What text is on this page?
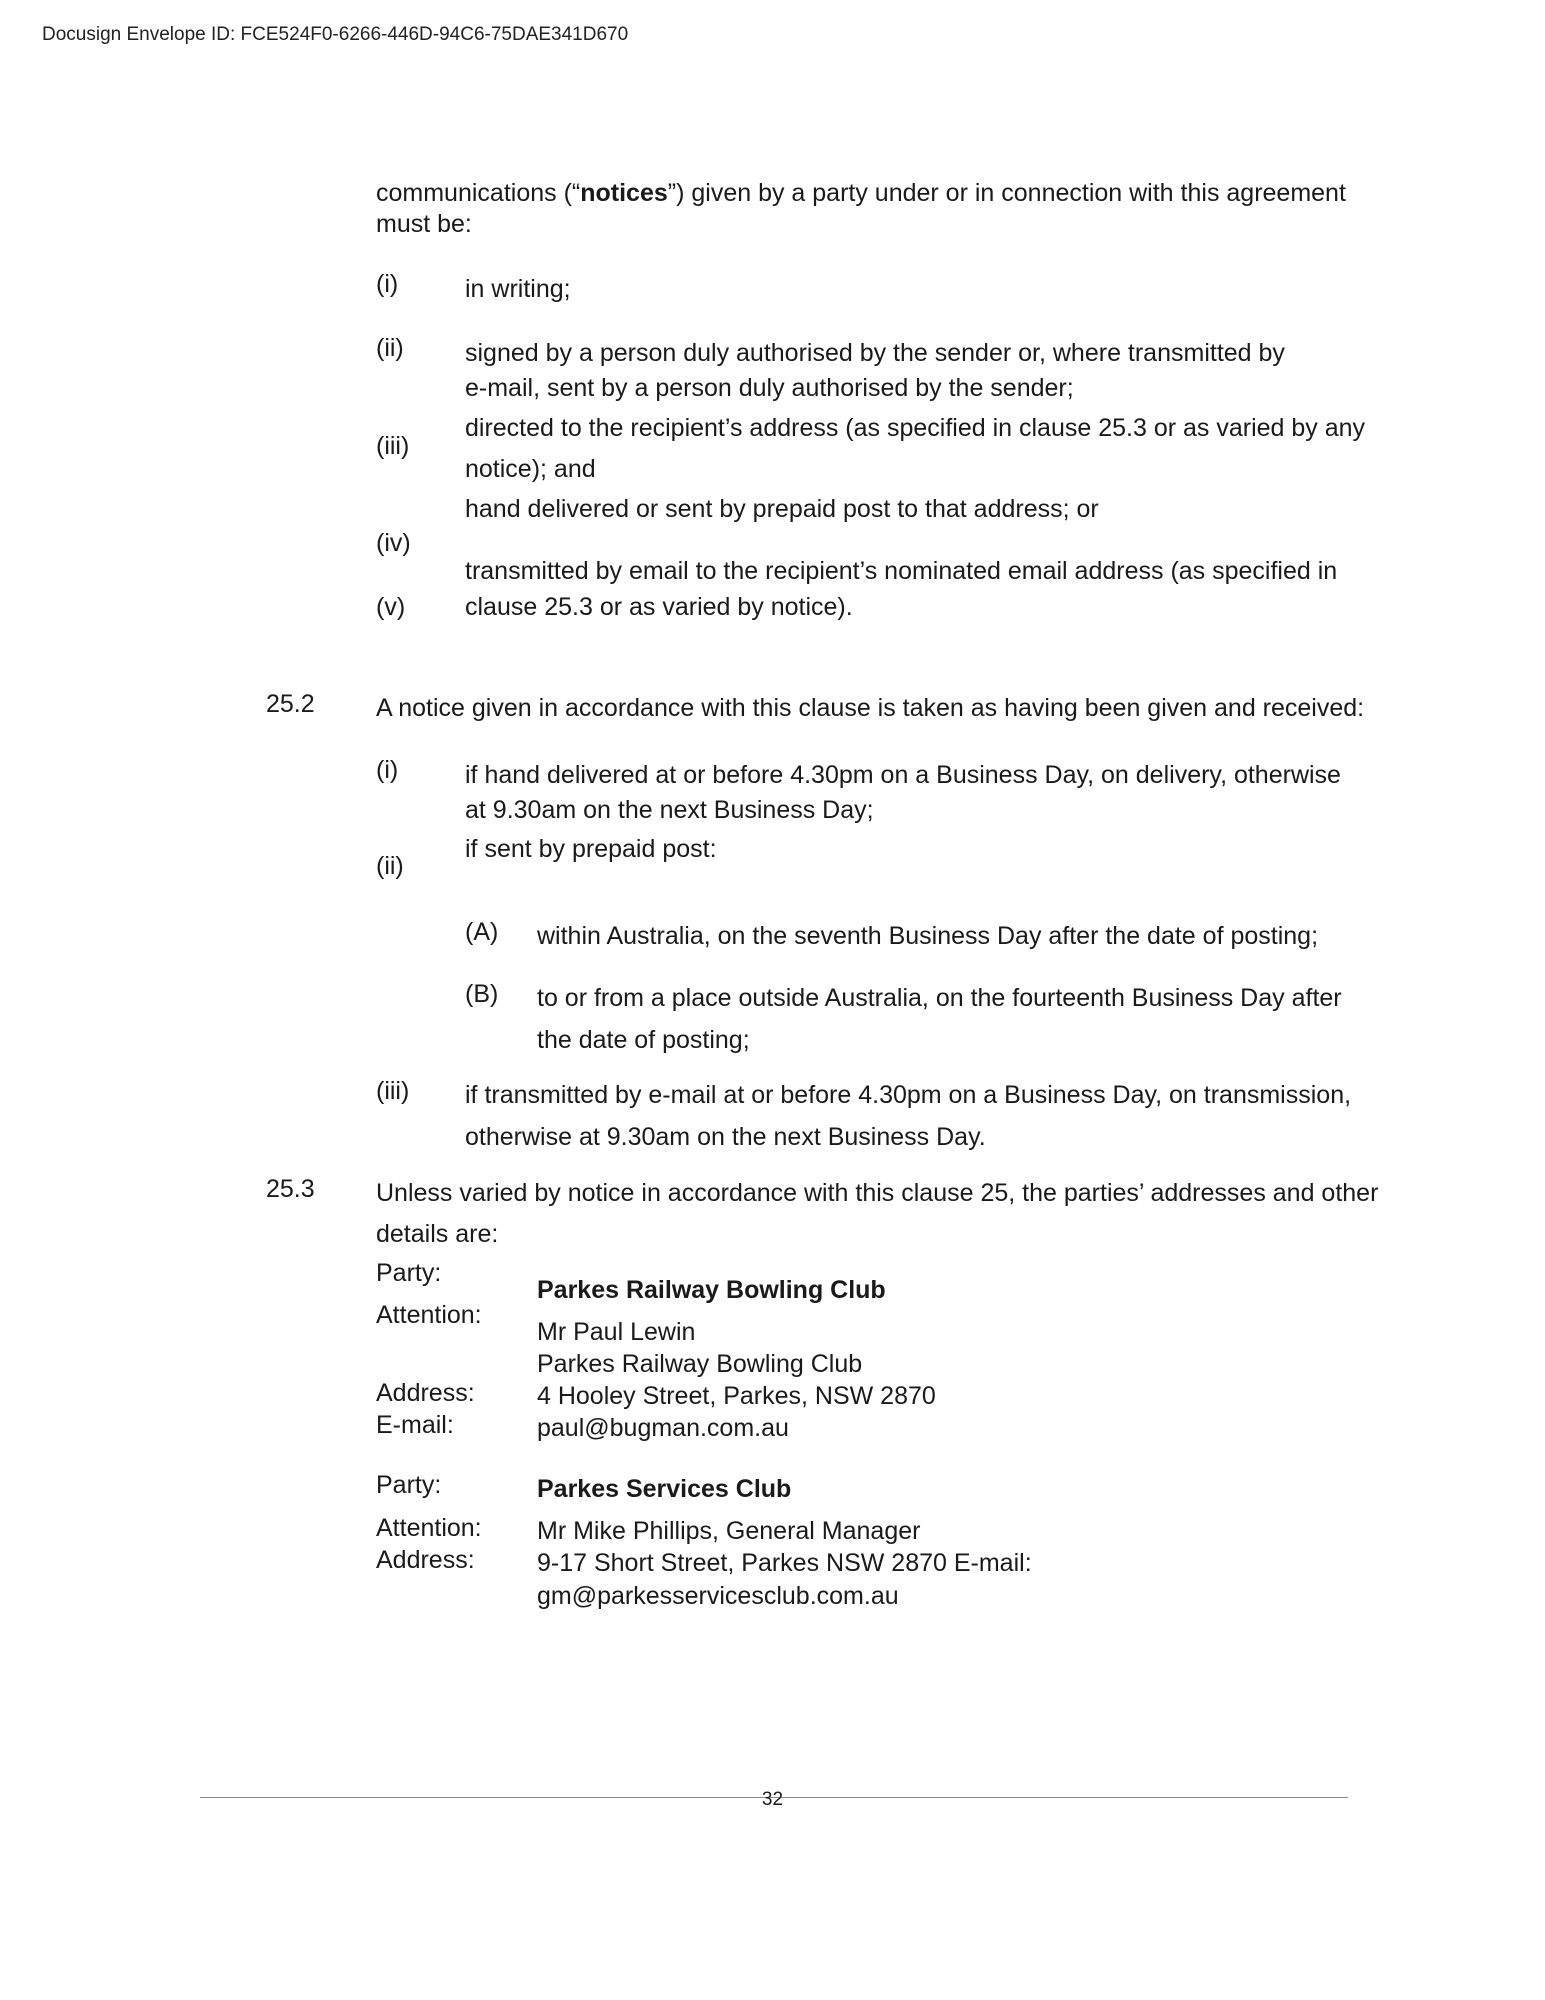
Docusign Envelope ID: FCE524F0-6266-446D-94C6-75DAE341D670
communications (“notices”) given by a party under or in connection with this agreement
must be:
(i)	in writing;
(ii) signed by a person duly authorised by the sender or, where transmitted by
e-mail, sent by a person duly authorised by the sender;
(iii)
directed to the recipient’s address (as specified in clause 25.3 or as varied by any
notice); and
(iv)
hand delivered or sent by prepaid post to that address; or
(v)
transmitted by email to the recipient’s nominated email address (as specified in
clause 25.3 or as varied by notice).
25.2 A notice given in accordance with this clause is taken as having been given and received:
(i)	if hand delivered at or before 4.30pm on a Business Day, on delivery, otherwise
at 9.30am on the next Business Day;
(ii)
if sent by prepaid post:
(A) within Australia, on the seventh Business Day after the date of posting;
(B) to or from a place outside Australia, on the fourteenth Business Day after
the date of posting;
(iii) if transmitted by e-mail at or before 4.30pm on a Business Day, on transmission,
otherwise at 9.30am on the next Business Day.
25.3 Unless varied by notice in accordance with this clause 25, the parties’ addresses and other
details are:
Party:
Parkes Railway Bowling Club
Attention:
Mr Paul Lewin
Parkes Railway Bowling Club
Address: 4 Hooley Street, Parkes, NSW 2870
E-mail:	paul@bugman.com.au
Party:	Parkes Services Club
Attention: Mr Mike Phillips, General Manager
Address: 9-17 Short Street, Parkes NSW 2870 E-mail:
gm@parkesservicesclub.com.au
32
